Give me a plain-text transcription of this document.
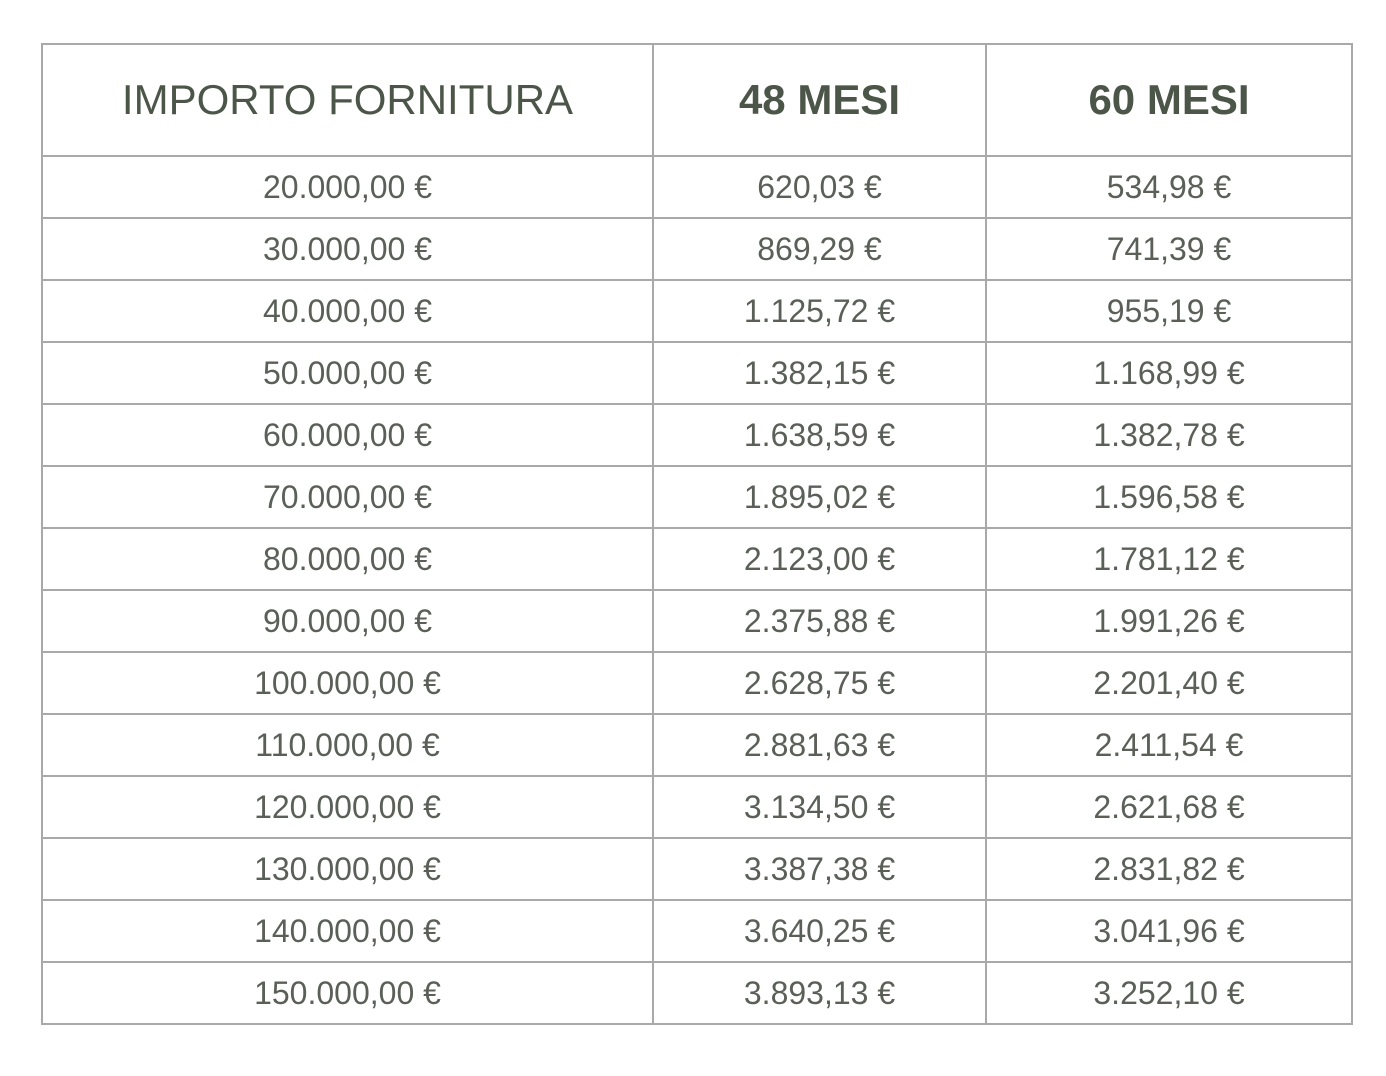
IMPORTO FORNITURA	48 MESI	60 MESI
20.000,00 €	620,03 €	534,98 €
30.000,00 €	869,29 €	741,39 €
40.000,00 €	1.125,72 €	955,19 €
50.000,00 €	1.382,15 €	1.168,99 €
60.000,00 €	1.638,59 €	1.382,78 €
70.000,00 €	1.895,02 €	1.596,58 €
80.000,00 €	2.123,00 €	1.781,12 €
90.000,00 €	2.375,88 €	1.991,26 €
100.000,00 €	2.628,75 €	2.201,40 €
110.000,00 €	2.881,63 €	2.411,54 €
120.000,00 €	3.134,50 €	2.621,68 €
130.000,00 €	3.387,38 €	2.831,82 €
140.000,00 €	3.640,25 €	3.041,96 €
150.000,00 €	3.893,13 €	3.252,10 €
